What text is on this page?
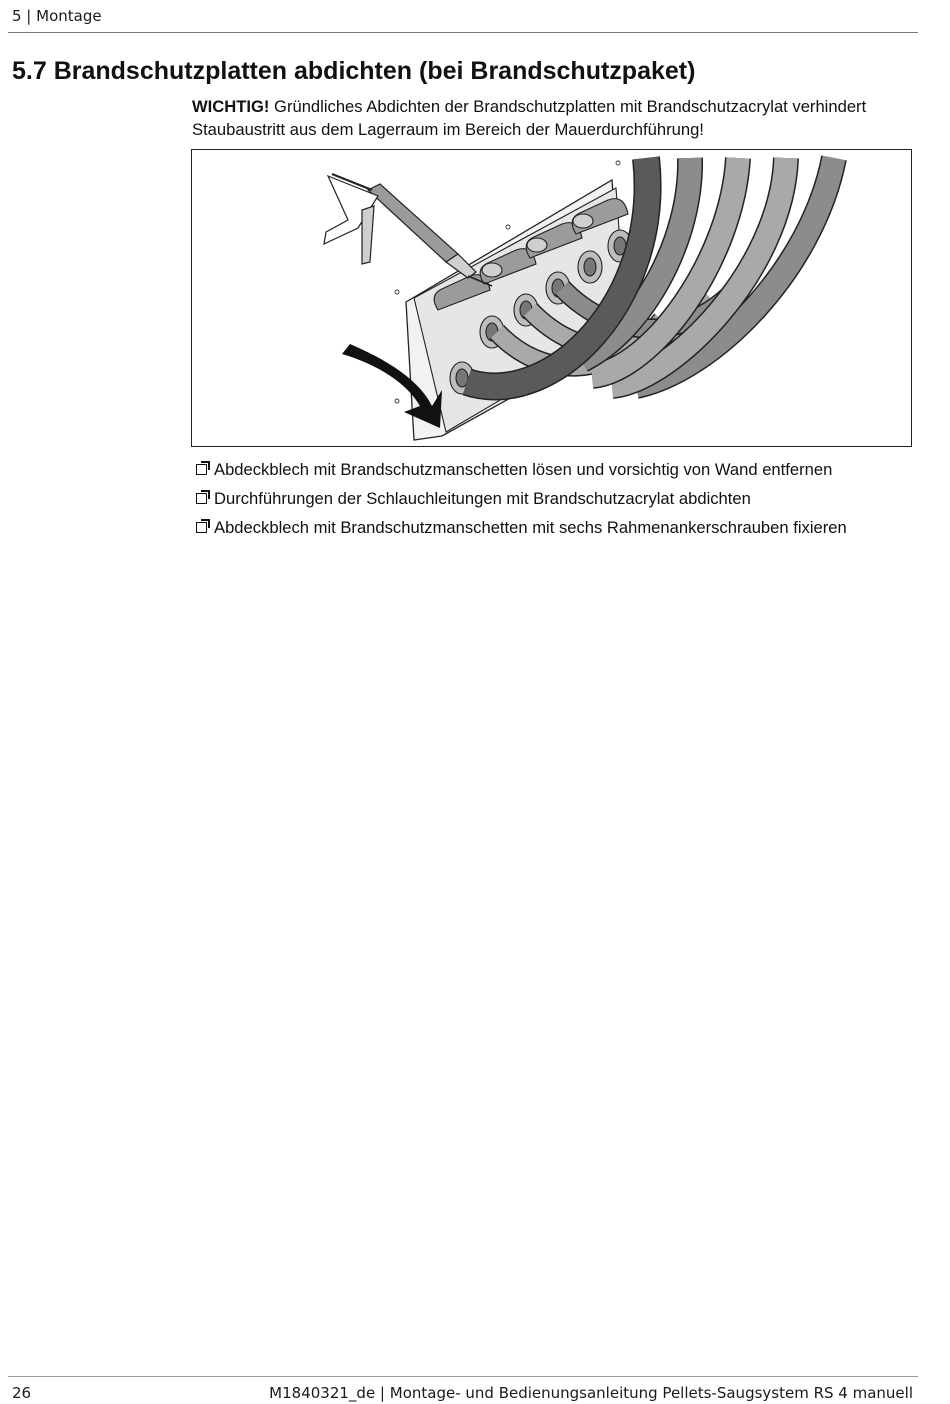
5 | Montage
5.7 Brandschutzplatten abdichten (bei Brandschutzpaket)

WICHTIG! Gründliches Abdichten der Brandschutzplatten mit Brandschutzacrylat verhindert Staubaustritt aus dem Lagerraum im Bereich der Mauerdurchführung!

Abdeckblech mit Brandschutzmanschetten lösen und vorsichtig von Wand entfernen
Durchführungen der Schlauchleitungen mit Brandschutzacrylat abdichten
Abdeckblech mit Brandschutzmanschetten mit sechs Rahmenankerschrauben fixieren
26	M1840321_de | Montage- und Bedienungsanleitung Pellets-Saugsystem RS 4 manuell
